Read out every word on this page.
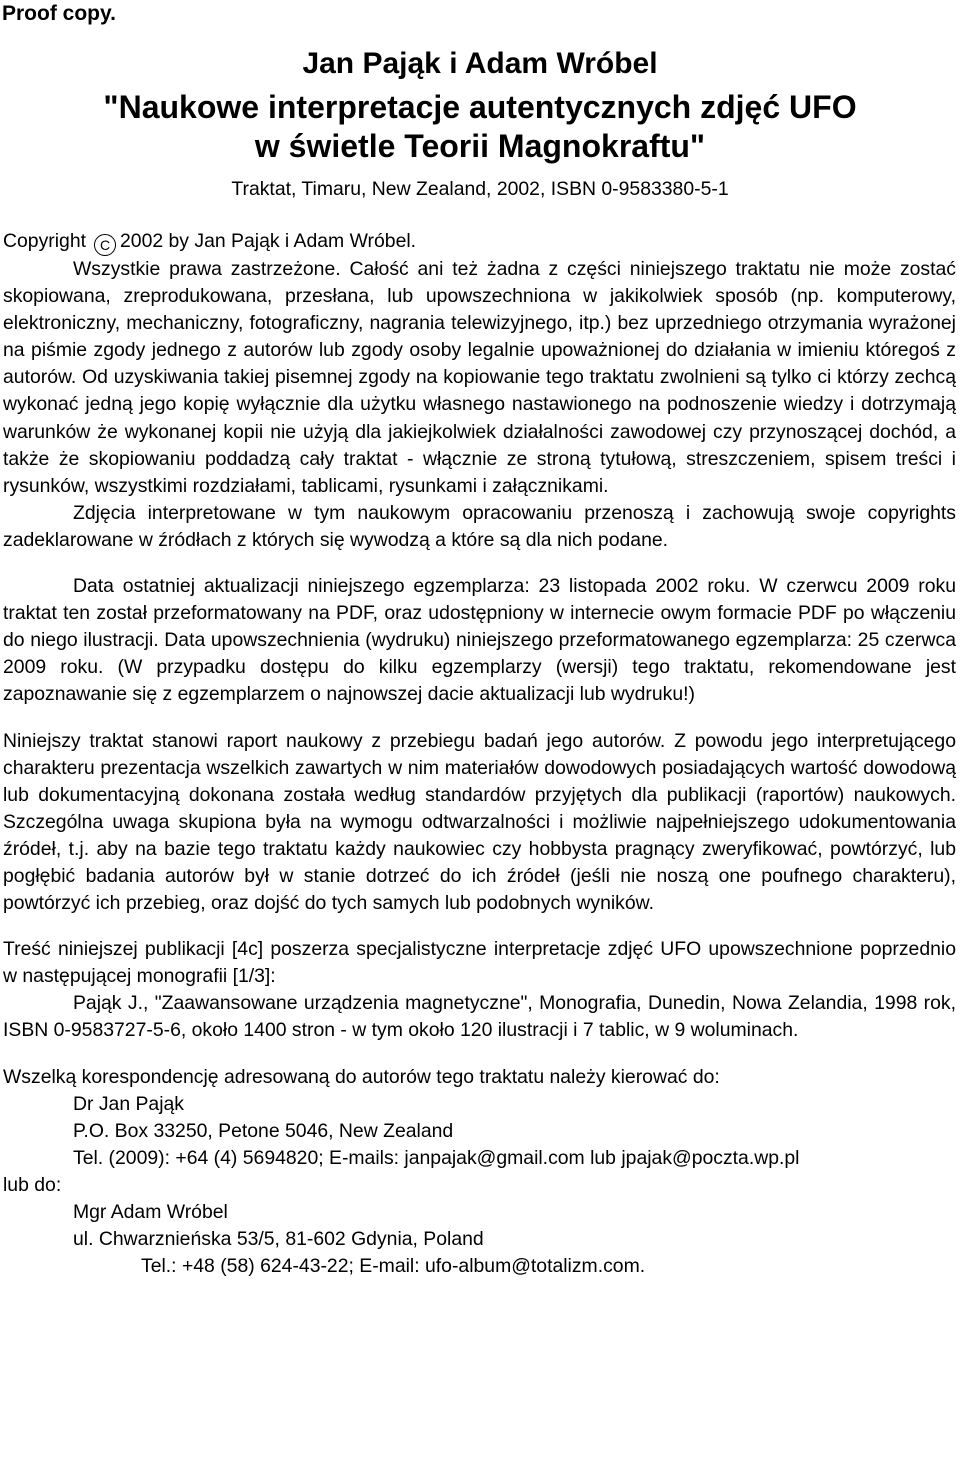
Proof copy.
Jan Pająk i Adam Wróbel
"Naukowe interpretacje autentycznych zdjęć UFO
w świetle Teorii Magnokraftu"
Traktat, Timaru, New Zealand, 2002, ISBN 0-9583380-5-1
Copyright C 2002 by Jan Pająk i Adam Wróbel.

Wszystkie prawa zastrzeżone. Całość ani też żadna z części niniejszego traktatu nie może zostać skopiowana, zreprodukowana, przesłana, lub upowszechniona w jakikolwiek sposób (np. komputerowy, elektroniczny, mechaniczny, fotograficzny, nagrania telewizyjnego, itp.) bez uprzedniego otrzymania wyrażonej na piśmie zgody jednego z autorów lub zgody osoby legalnie upoważnionej do działania w imieniu któregoś z autorów. Od uzyskiwania takiej pisemnej zgody na kopiowanie tego traktatu zwolnieni są tylko ci którzy zechcą wykonać jedną jego kopię wyłącznie dla użytku własnego nastawionego na podnoszenie wiedzy i dotrzymają warunków że wykonanej kopii nie użyją dla jakiejkolwiek działalności zawodowej czy przynoszącej dochód, a także że skopiowaniu poddadzą cały traktat - włącznie ze stroną tytułową, streszczeniem, spisem treści i rysunków, wszystkimi rozdziałami, tablicami, rysunkami i załącznikami.

Zdjęcia interpretowane w tym naukowym opracowaniu przenoszą i zachowują swoje copyrights zadeklarowane w źródłach z których się wywodzą a które są dla nich podane.

Data ostatniej aktualizacji niniejszego egzemplarza: 23 listopada 2002 roku. W czerwcu 2009 roku traktat ten został przeformatowany na PDF, oraz udostępniony w internecie owym formacie PDF po włączeniu do niego ilustracji. Data upowszechnienia (wydruku) niniejszego przeformatowanego egzemplarza: 25 czerwca 2009 roku. (W przypadku dostępu do kilku egzemplarzy (wersji) tego traktatu, rekomendowane jest zapoznawanie się z egzemplarzem o najnowszej dacie aktualizacji lub wydruku!)

Niniejszy traktat stanowi raport naukowy z przebiegu badań jego autorów. Z powodu jego interpretującego charakteru prezentacja wszelkich zawartych w nim materiałów dowodowych posiadających wartość dowodową lub dokumentacyjną dokonana została według standardów przyjętych dla publikacji (raportów) naukowych. Szczególna uwaga skupiona była na wymogu odtwarzalności i możliwie najpełniejszego udokumentowania źródeł, t.j. aby na bazie tego traktatu każdy naukowiec czy hobbysta pragnący zweryfikować, powtórzyć, lub pogłębić badania autorów był w stanie dotrzeć do ich źródeł (jeśli nie noszą one poufnego charakteru), powtórzyć ich przebieg, oraz dojść do tych samych lub podobnych wyników.

Treść niniejszej publikacji [4c] poszerza specjalistyczne interpretacje zdjęć UFO upowszechnione poprzednio w następującej monografii [1/3]:

Pająk J., "Zaawansowane urządzenia magnetyczne", Monografia, Dunedin, Nowa Zelandia, 1998 rok, ISBN 0-9583727-5-6, około 1400 stron - w tym około 120 ilustracji i 7 tablic, w 9 woluminach.

Wszelką korespondencję adresowaną do autorów tego traktatu należy kierować do:

Dr Jan Pająk
P.O. Box 33250, Petone 5046, New Zealand
Tel. (2009): +64 (4) 5694820; E-mails: janpajak@gmail.com lub jpajak@poczta.wp.pl
lub do:
Mgr Adam Wróbel
ul. Chwarznieńska 53/5, 81-602 Gdynia, Poland
Tel.: +48 (58) 624-43-22; E-mail: ufo-album@totalizm.com.
